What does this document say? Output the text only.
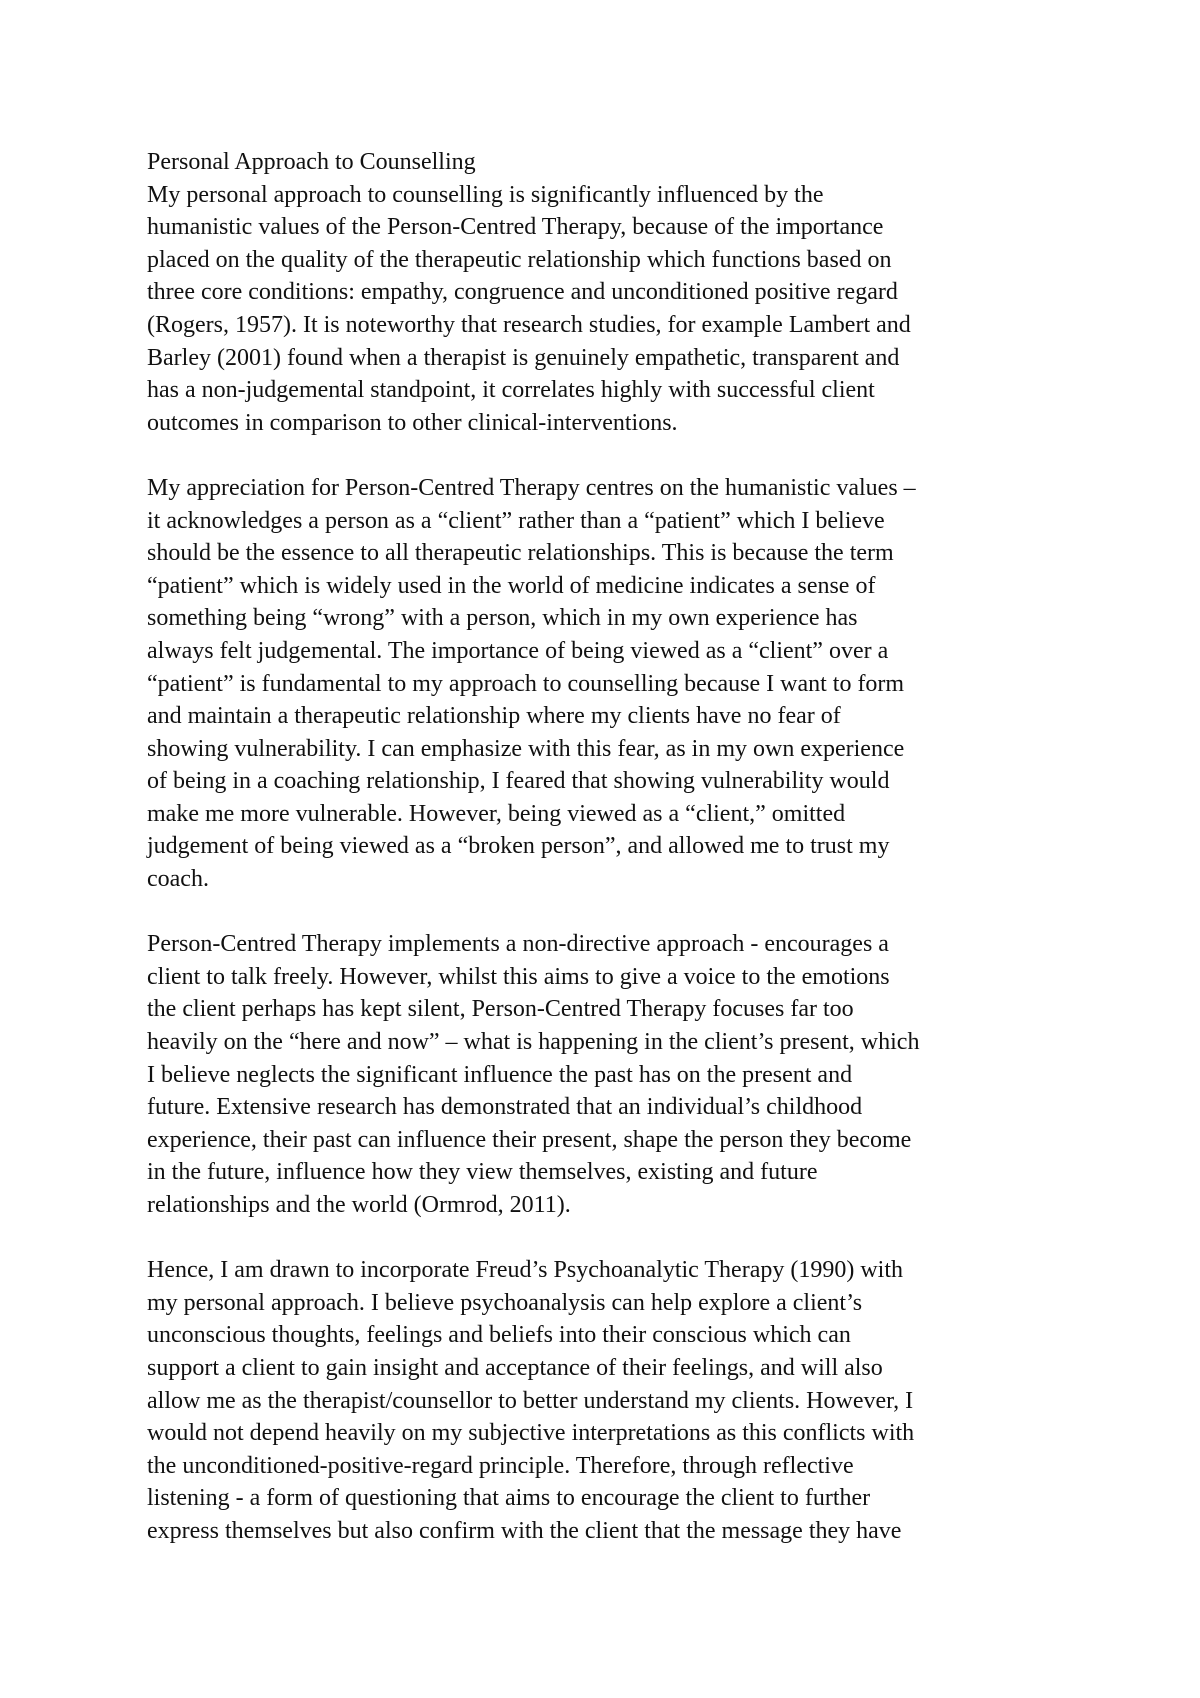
Personal Approach to Counselling
My personal approach to counselling is significantly influenced by the
humanistic values of the Person-Centred Therapy, because of the importance
placed on the quality of the therapeutic relationship which functions based on
three core conditions: empathy, congruence and unconditioned positive regard
(Rogers, 1957). It is noteworthy that research studies, for example Lambert and
Barley (2001) found when a therapist is genuinely empathetic, transparent and
has a non-judgemental standpoint, it correlates highly with successful client
outcomes in comparison to other clinical-interventions.
My appreciation for Person-Centred Therapy centres on the humanistic values –
it acknowledges a person as a “client” rather than a “patient” which I believe
should be the essence to all therapeutic relationships. This is because the term
“patient” which is widely used in the world of medicine indicates a sense of
something being “wrong” with a person, which in my own experience has
always felt judgemental. The importance of being viewed as a “client” over a
“patient” is fundamental to my approach to counselling because I want to form
and maintain a therapeutic relationship where my clients have no fear of
showing vulnerability. I can emphasize with this fear, as in my own experience
of being in a coaching relationship, I feared that showing vulnerability would
make me more vulnerable. However, being viewed as a “client,” omitted
judgement of being viewed as a “broken person”, and allowed me to trust my
coach.
Person-Centred Therapy implements a non-directive approach - encourages a
client to talk freely. However, whilst this aims to give a voice to the emotions
the client perhaps has kept silent, Person-Centred Therapy focuses far too
heavily on the “here and now” – what is happening in the client’s present, which
I believe neglects the significant influence the past has on the present and
future. Extensive research has demonstrated that an individual’s childhood
experience, their past can influence their present, shape the person they become
in the future, influence how they view themselves, existing and future
relationships and the world (Ormrod, 2011).
Hence, I am drawn to incorporate Freud’s Psychoanalytic Therapy (1990) with
my personal approach. I believe psychoanalysis can help explore a client’s
unconscious thoughts, feelings and beliefs into their conscious which can
support a client to gain insight and acceptance of their feelings, and will also
allow me as the therapist/counsellor to better understand my clients. However, I
would not depend heavily on my subjective interpretations as this conflicts with
the unconditioned-positive-regard principle. Therefore, through reflective
listening - a form of questioning that aims to encourage the client to further
express themselves but also confirm with the client that the message they have
